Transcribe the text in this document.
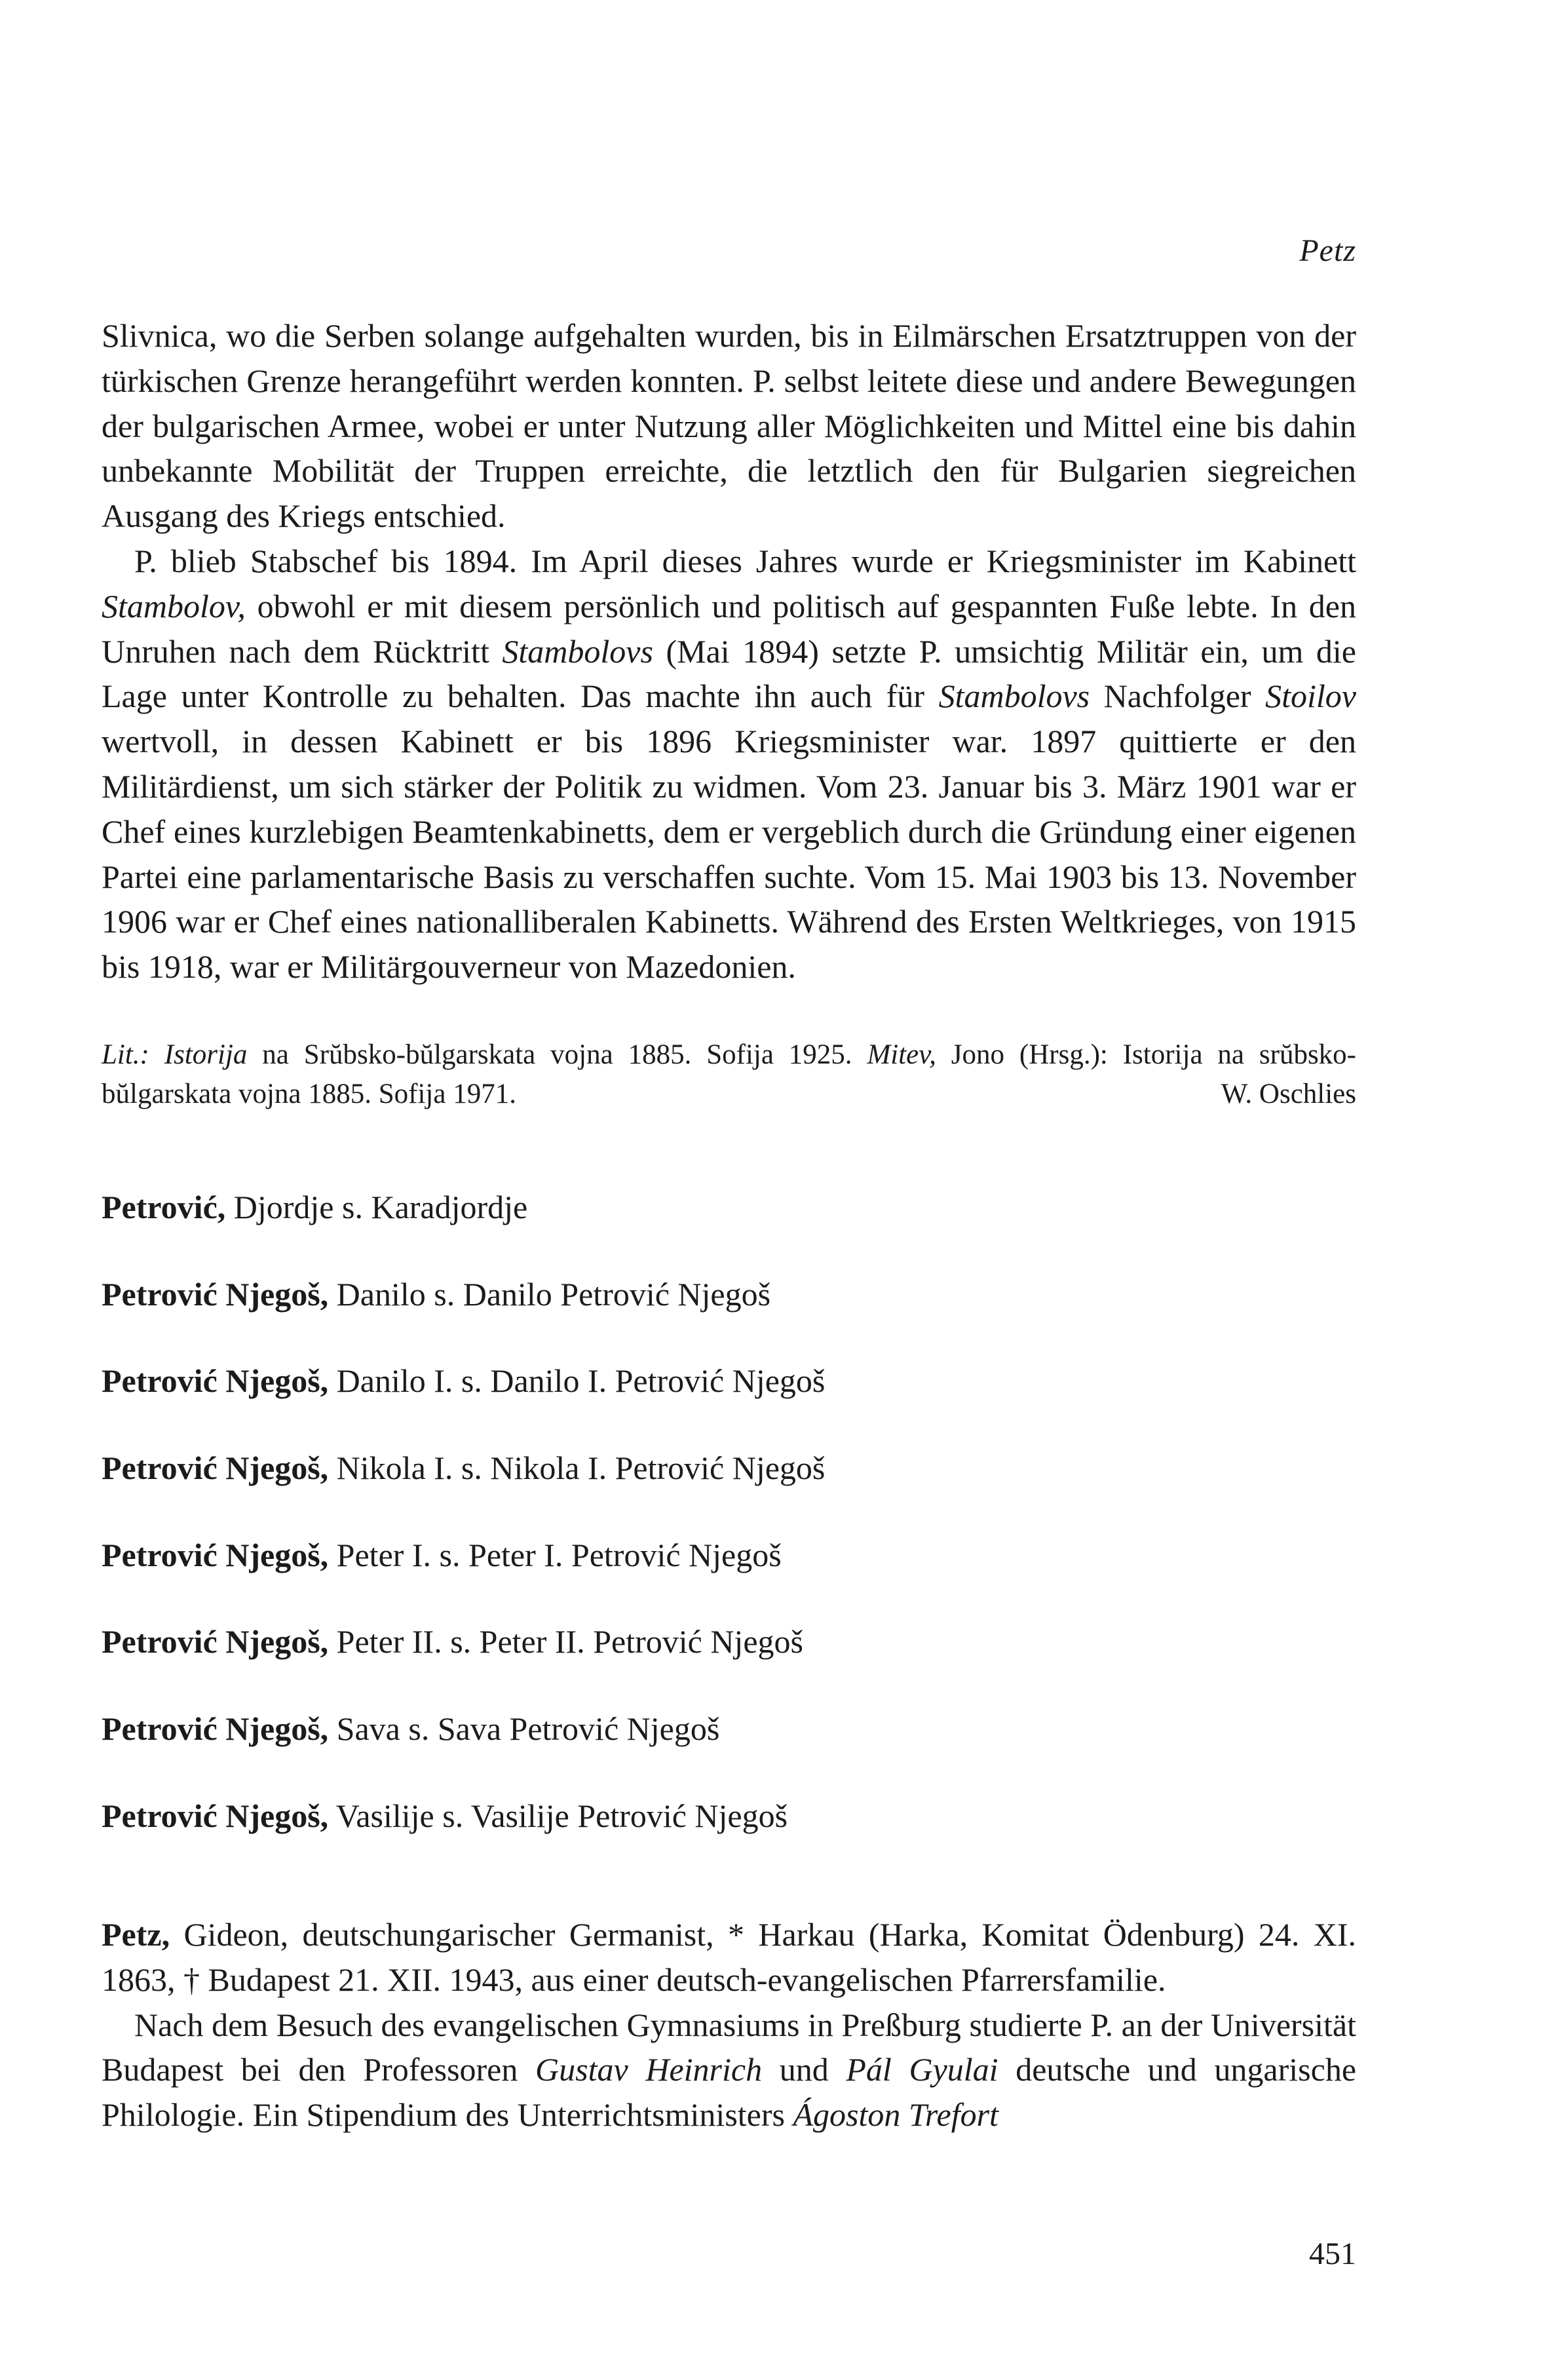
Petz

Slivnica, wo die Serben solange aufgehalten wurden, bis in Eilmärschen Ersatztruppen von der türkischen Grenze herangeführt werden konnten. P. selbst leitete diese und andere Bewegungen der bulgarischen Armee, wobei er unter Nutzung aller Möglichkeiten und Mittel eine bis dahin unbekannte Mobilität der Truppen erreichte, die letztlich den für Bulgarien siegreichen Ausgang des Kriegs entschied.

P. blieb Stabschef bis 1894. Im April dieses Jahres wurde er Kriegsminister im Kabinett Stambolov, obwohl er mit diesem persönlich und politisch auf gespannten Fuße lebte. In den Unruhen nach dem Rücktritt Stambolovs (Mai 1894) setzte P. umsichtig Militär ein, um die Lage unter Kontrolle zu behalten. Das machte ihn auch für Stambolovs Nachfolger Stoilov wertvoll, in dessen Kabinett er bis 1896 Kriegsminister war. 1897 quittierte er den Militärdienst, um sich stärker der Politik zu widmen. Vom 23. Januar bis 3. März 1901 war er Chef eines kurzlebigen Beamtenkabinetts, dem er vergeblich durch die Gründung einer eigenen Partei eine parlamentarische Basis zu verschaffen suchte. Vom 15. Mai 1903 bis 13. November 1906 war er Chef eines nationalliberalen Kabinetts. Während des Ersten Weltkrieges, von 1915 bis 1918, war er Militärgouverneur von Mazedonien.

Lit.: Istorija na Srŭbsko-bŭlgarskata vojna 1885. Sofija 1925. Mitev, Jono (Hrsg.): Istorija na srŭbsko-bŭlgarskata vojna 1885. Sofija 1971.	W. Oschlies
Petrović, Djordje s. Karadjordje
Petrović Njegoš, Danilo s. Danilo Petrović Njegoš
Petrović Njegoš, Danilo I. s. Danilo I. Petrović Njegoš
Petrović Njegoš, Nikola I. s. Nikola I. Petrović Njegoš
Petrović Njegoš, Peter I. s. Peter I. Petrović Njegoš
Petrović Njegoš, Peter II. s. Peter II. Petrović Njegoš
Petrović Njegoš, Sava s. Sava Petrović Njegoš
Petrović Njegoš, Vasilije s. Vasilije Petrović Njegoš

Petz, Gideon, deutschungarischer Germanist, * Harkau (Harka, Komitat Ödenburg) 24. XI. 1863, † Budapest 21. XII. 1943, aus einer deutsch-evangelischen Pfarrersfamilie.

Nach dem Besuch des evangelischen Gymnasiums in Preßburg studierte P. an der Universität Budapest bei den Professoren Gustav Heinrich und Pál Gyulai deutsche und ungarische Philologie. Ein Stipendium des Unterrichtsministers Ágoston Trefort

451
